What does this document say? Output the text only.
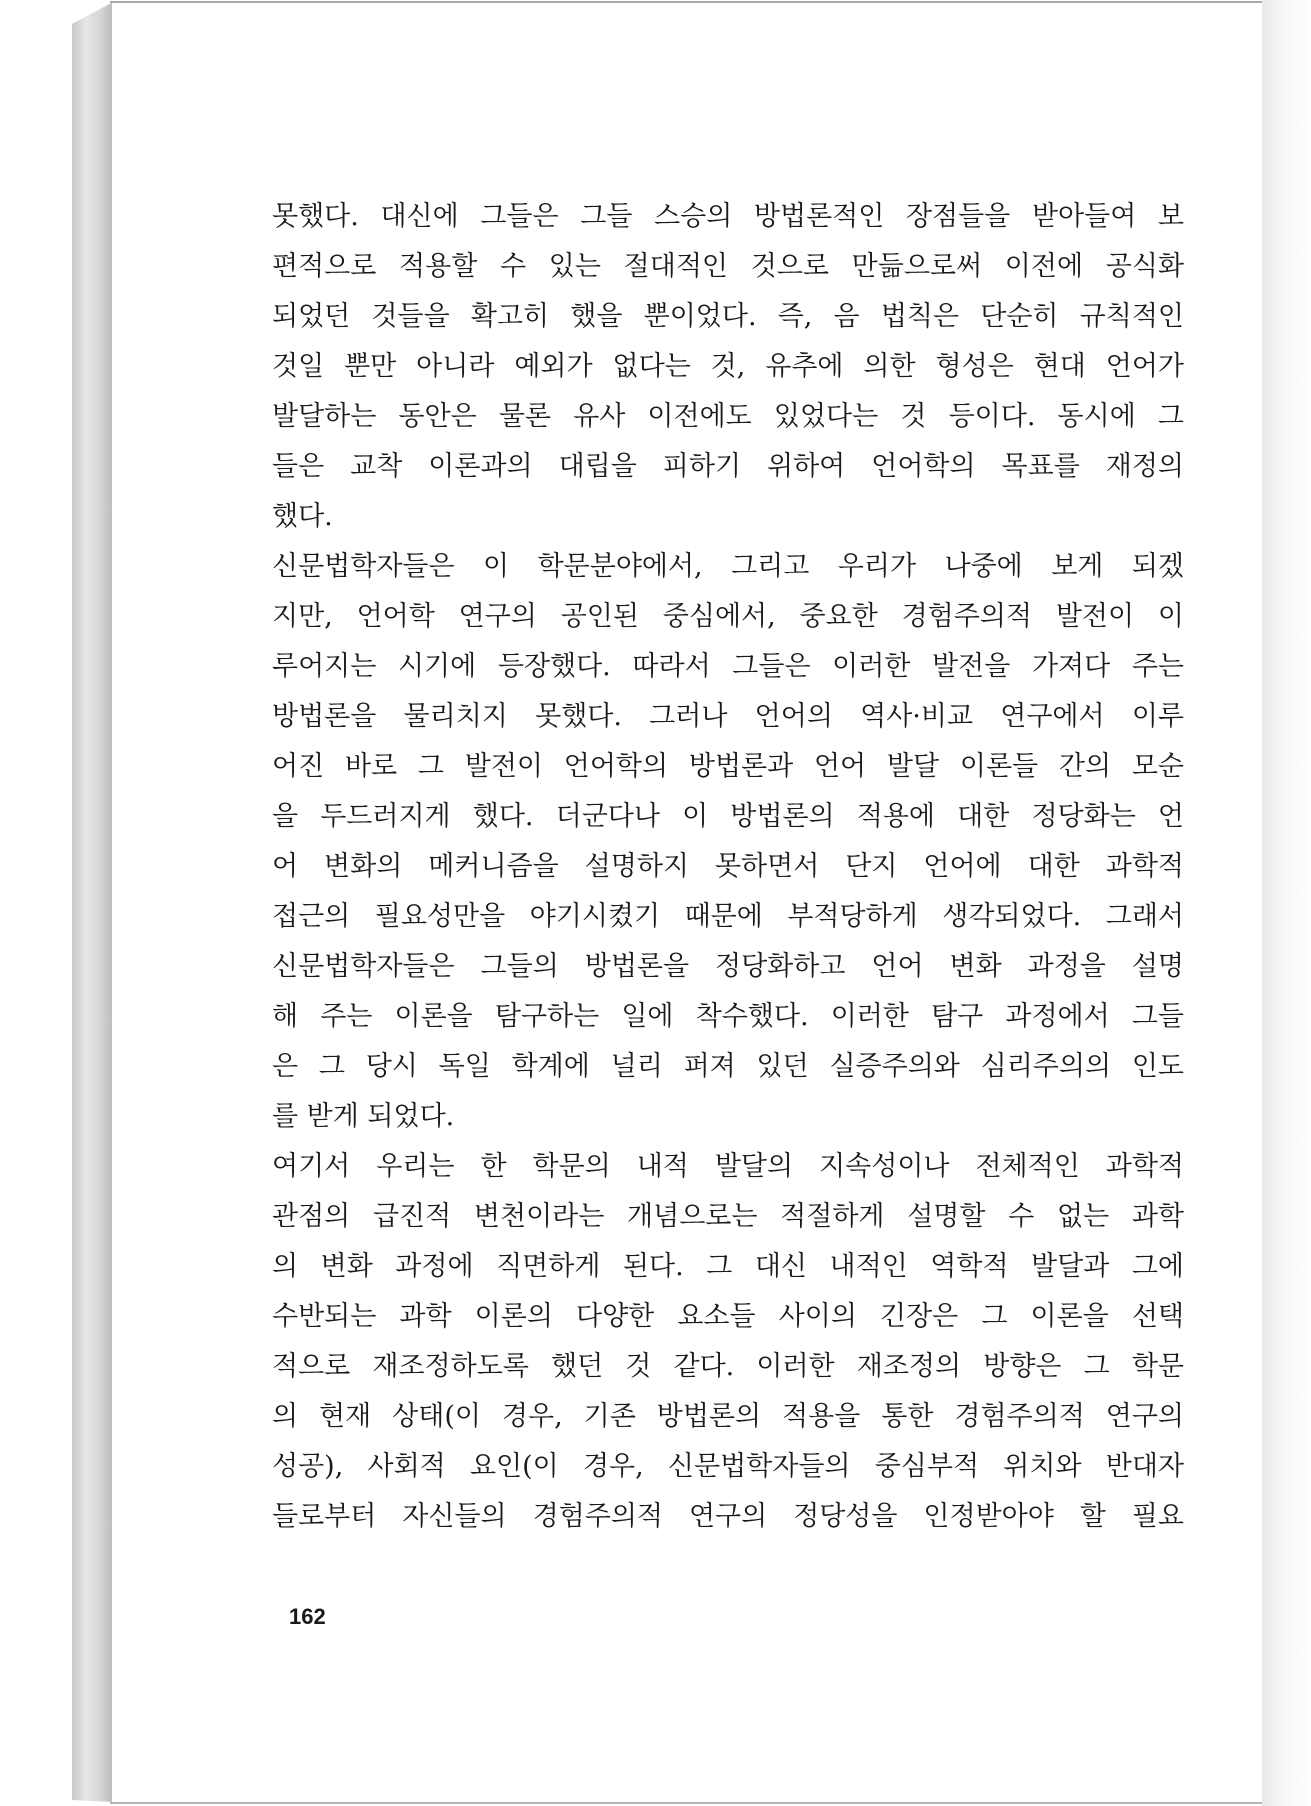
못했다. 대신에 그들은 그들 스승의 방법론적인 장점들을 받아들여 보
편적으로 적용할 수 있는 절대적인 것으로 만듦으로써 이전에 공식화
되었던 것들을 확고히 했을 뿐이었다. 즉, 음 법칙은 단순히 규칙적인
것일 뿐만 아니라 예외가 없다는 것, 유추에 의한 형성은 현대 언어가
발달하는 동안은 물론 유사 이전에도 있었다는 것 등이다. 동시에 그
들은 교착 이론과의 대립을 피하기 위하여 언어학의 목표를 재정의
했다.
신문법학자들은 이 학문분야에서, 그리고 우리가 나중에 보게 되겠
지만, 언어학 연구의 공인된 중심에서, 중요한 경험주의적 발전이 이
루어지는 시기에 등장했다. 따라서 그들은 이러한 발전을 가져다 주는
방법론을 물리치지 못했다. 그러나 언어의 역사·비교 연구에서 이루
어진 바로 그 발전이 언어학의 방법론과 언어 발달 이론들 간의 모순
을 두드러지게 했다. 더군다나 이 방법론의 적용에 대한 정당화는 언
어 변화의 메커니즘을 설명하지 못하면서 단지 언어에 대한 과학적
접근의 필요성만을 야기시켰기 때문에 부적당하게 생각되었다. 그래서
신문법학자들은 그들의 방법론을 정당화하고 언어 변화 과정을 설명
해 주는 이론을 탐구하는 일에 착수했다. 이러한 탐구 과정에서 그들
은 그 당시 독일 학계에 널리 퍼져 있던 실증주의와 심리주의의 인도
를 받게 되었다.
여기서 우리는 한 학문의 내적 발달의 지속성이나 전체적인 과학적
관점의 급진적 변천이라는 개념으로는 적절하게 설명할 수 없는 과학
의 변화 과정에 직면하게 된다. 그 대신 내적인 역학적 발달과 그에
수반되는 과학 이론의 다양한 요소들 사이의 긴장은 그 이론을 선택
적으로 재조정하도록 했던 것 같다. 이러한 재조정의 방향은 그 학문
의 현재 상태(이 경우, 기존 방법론의 적용을 통한 경험주의적 연구의
성공), 사회적 요인(이 경우, 신문법학자들의 중심부적 위치와 반대자
들로부터 자신들의 경험주의적 연구의 정당성을 인정받아야 할 필요
162
